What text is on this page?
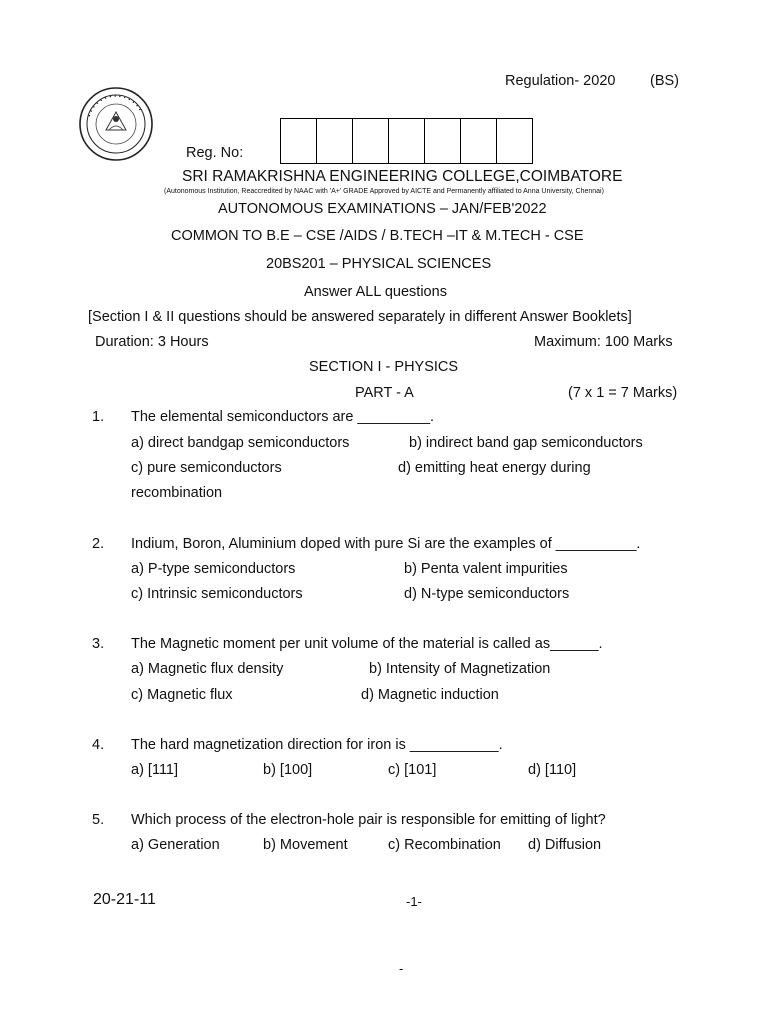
• • • • • • • • • • • • • •
Regulation- 2020 (BS)
Reg. No:
SRI RAMAKRISHNA ENGINEERING COLLEGE,COIMBATORE
(Autonomous Institution, Reaccredited by NAAC with 'A+' GRADE Approved by AICTE and Permanently affiliated to Anna University, Chennai)
AUTONOMOUS EXAMINATIONS – JAN/FEB'2022
COMMON TO B.E – CSE /AIDS / B.TECH –IT & M.TECH - CSE
20BS201 – PHYSICAL SCIENCES
Answer ALL questions
[Section I & II questions should be answered separately in different Answer Booklets]
Duration: 3 Hours	Maximum: 100 Marks
SECTION I - PHYSICS
PART - A	(7 x 1 = 7 Marks)
1. The elemental semiconductors are _________.
a) direct bandgap semiconductors	b) indirect band gap semiconductors
c) pure semiconductors	d) emitting heat energy during
recombination
2. Indium, Boron, Aluminium doped with pure Si are the examples of __________.
a) P-type semiconductors	b) Penta valent impurities
c) Intrinsic semiconductors	d) N-type semiconductors
3. The Magnetic moment per unit volume of the material is called as______.
a) Magnetic flux density	b) Intensity of Magnetization
c) Magnetic flux	d) Magnetic induction
4. The hard magnetization direction for iron is ___________.
a) [111]	b) [100]	c) [101]	d) [110]
5. Which process of the electron-hole pair is responsible for emitting of light?
a) Generation	b) Movement	c) Recombination d) Diffusion
20-21-11	-1-
-
